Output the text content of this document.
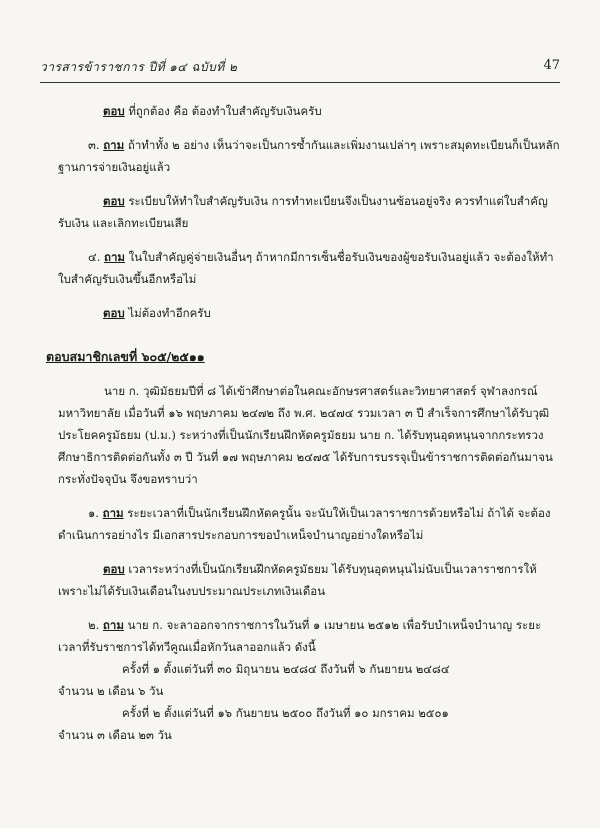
วารสารข้าราชการ ปีที่ ๑๔ ฉบับที่ ๒	47

ตอบ ที่ถูกต้อง คือ ต้องทำใบสำคัญรับเงินครับ

๓. ถาม ถ้าทำทั้ง ๒ อย่าง เห็นว่าจะเป็นการซ้ำกันและเพิ่มงานเปล่าๆ เพราะสมุดทะเบียนก็เป็นหลักฐานการจ่ายเงินอยู่แล้ว

ตอบ ระเบียบให้ทำใบสำคัญรับเงิน การทำทะเบียนจึงเป็นงานซ้อนอยู่จริง ควรทำแต่ใบสำคัญรับเงิน และเลิกทะเบียนเสีย

๔. ถาม ในใบสำคัญคู่จ่ายเงินอื่นๆ ถ้าหากมีการเซ็นชื่อรับเงินของผู้ขอรับเงินอยู่แล้ว จะต้องให้ทำใบสำคัญรับเงินขึ้นอีกหรือไม่

ตอบ ไม่ต้องทำอีกครับ

ตอบสมาชิกเลขที่ ๖๐๕/๒๕๑๑

นาย ก. วุฒิมัธยมปีที่ ๘ ได้เข้าศึกษาต่อในคณะอักษรศาสตร์และวิทยาศาสตร์ จุฬาลงกรณ์มหาวิทยาลัย เมื่อวันที่ ๑๖ พฤษภาคม ๒๔๗๒ ถึง พ.ศ. ๒๔๗๔ รวมเวลา ๓ ปี สำเร็จการศึกษาได้รับวุฒิประโยคครูมัธยม (ป.ม.) ระหว่างที่เป็นนักเรียนฝึกหัดครูมัธยม นาย ก. ได้รับทุนอุดหนุนจากกระทรวงศึกษาธิการติดต่อกันทั้ง ๓ ปี วันที่ ๑๗ พฤษภาคม ๒๔๗๕ ได้รับการบรรจุเป็นข้าราชการติดต่อกันมาจนกระทั่งปัจจุบัน จึงขอทราบว่า

๑. ถาม ระยะเวลาที่เป็นนักเรียนฝึกหัดครูนั้น จะนับให้เป็นเวลาราชการด้วยหรือไม่ ถ้าได้ จะต้องดำเนินการอย่างไร มีเอกสารประกอบการขอบำเหน็จบำนาญอย่างใดหรือไม่

ตอบ เวลาระหว่างที่เป็นนักเรียนฝึกหัดครูมัธยม ได้รับทุนอุดหนุนไม่นับเป็นเวลาราชการให้ เพราะไม่ได้รับเงินเดือนในงบประมาณประเภทเงินเดือน

๒. ถาม นาย ก. จะลาออกจากราชการในวันที่ ๑ เมษายน ๒๕๑๒ เพื่อรับบำเหน็จบำนาญ ระยะเวลาที่รับราชการได้ทวีคูณเมื่อหักวันลาออกแล้ว ดังนี้

ครั้งที่ ๑ ตั้งแต่วันที่ ๓๐ มิถุนายน ๒๔๘๔ ถึงวันที่ ๖ กันยายน ๒๔๘๔

จำนวน ๒ เดือน ๖ วัน

ครั้งที่ ๒ ตั้งแต่วันที่ ๑๖ กันยายน ๒๕๐๐ ถึงวันที่ ๑๐ มกราคม ๒๕๐๑

จำนวน ๓ เดือน ๒๓ วัน
